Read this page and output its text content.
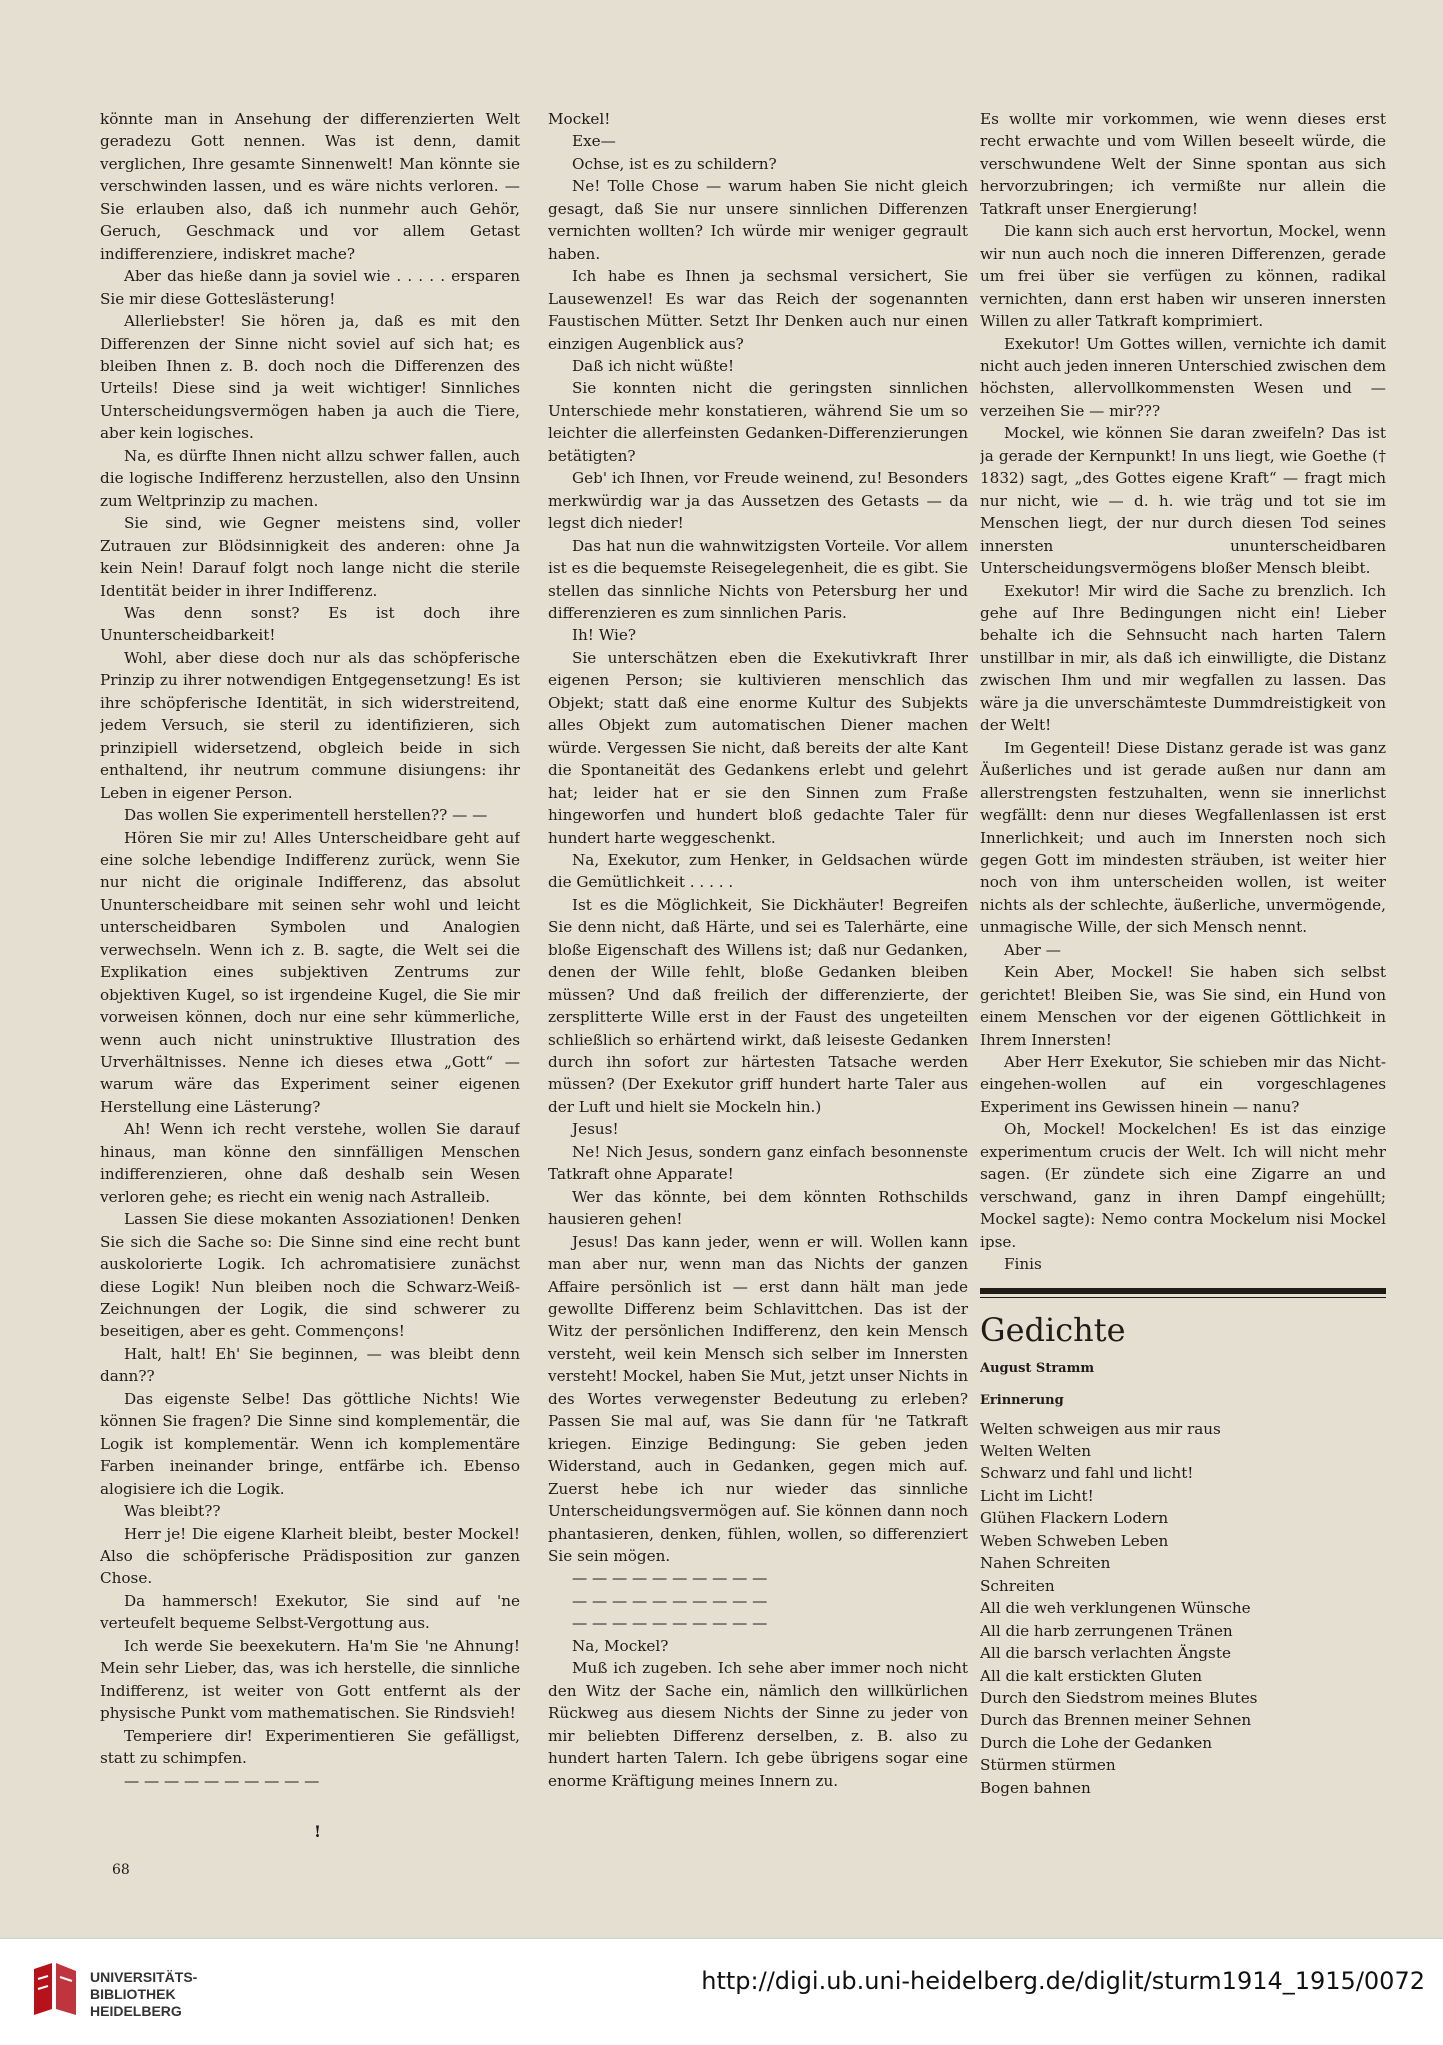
könnte man in Ansehung der differenzierten Welt geradezu Gott nennen. Was ist denn, damit verglichen, Ihre gesamte Sinnenwelt! Man könnte sie verschwinden lassen, und es wäre nichts verloren. — Sie erlauben also, daß ich nunmehr auch Gehör, Geruch, Geschmack und vor allem Getast indifferenziere, indiskret mache?

Aber das hieße dann ja soviel wie . . . . . ersparen Sie mir diese Gotteslästerung!

Allerliebster! Sie hören ja, daß es mit den Differenzen der Sinne nicht soviel auf sich hat; es bleiben Ihnen z. B. doch noch die Differenzen des Urteils! Diese sind ja weit wichtiger! Sinnliches Unterscheidungsvermögen haben ja auch die Tiere, aber kein logisches.

Na, es dürfte Ihnen nicht allzu schwer fallen, auch die logische Indifferenz herzustellen, also den Unsinn zum Weltprinzip zu machen.

Sie sind, wie Gegner meistens sind, voller Zutrauen zur Blödsinnigkeit des anderen: ohne Ja kein Nein! Darauf folgt noch lange nicht die sterile Identität beider in ihrer Indifferenz.

Was denn sonst? Es ist doch ihre Ununterscheidbarkeit!

Wohl, aber diese doch nur als das schöpferische Prinzip zu ihrer notwendigen Entgegensetzung! Es ist ihre schöpferische Identität, in sich widerstreitend, jedem Versuch, sie steril zu identifizieren, sich prinzipiell widersetzend, obgleich beide in sich enthaltend, ihr neutrum commune disiungens: ihr Leben in eigener Person.

Das wollen Sie experimentell herstellen?? — —

Hören Sie mir zu! Alles Unterscheidbare geht auf eine solche lebendige Indifferenz zurück, wenn Sie nur nicht die originale Indifferenz, das absolut Ununterscheidbare mit seinen sehr wohl und leicht unterscheidbaren Symbolen und Analogien verwechseln. Wenn ich z. B. sagte, die Welt sei die Explikation eines subjektiven Zentrums zur objektiven Kugel, so ist irgendeine Kugel, die Sie mir vorweisen können, doch nur eine sehr kümmerliche, wenn auch nicht uninstruktive Illustration des Urverhältnisses. Nenne ich dieses etwa „Gott“ — warum wäre das Experiment seiner eigenen Herstellung eine Lästerung?

Ah! Wenn ich recht verstehe, wollen Sie darauf hinaus, man könne den sinnfälligen Menschen indifferenzieren, ohne daß deshalb sein Wesen verloren gehe; es riecht ein wenig nach Astralleib.

Lassen Sie diese mokanten Assoziationen! Denken Sie sich die Sache so: Die Sinne sind eine recht bunt auskolorierte Logik. Ich achromatisiere zunächst diese Logik! Nun bleiben noch die Schwarz-Weiß-Zeichnungen der Logik, die sind schwerer zu beseitigen, aber es geht. Commençons!

Halt, halt! Eh' Sie beginnen, — was bleibt denn dann??

Das eigenste Selbe! Das göttliche Nichts! Wie können Sie fragen? Die Sinne sind komplementär, die Logik ist komplementär. Wenn ich komplementäre Farben ineinander bringe, entfärbe ich. Ebenso alogisiere ich die Logik.

Was bleibt??

Herr je! Die eigene Klarheit bleibt, bester Mockel! Also die schöpferische Prädisposition zur ganzen Chose.

Da hammersch! Exekutor, Sie sind auf 'ne verteufelt bequeme Selbst-Vergottung aus.

Ich werde Sie beexekutern. Ha'm Sie 'ne Ahnung! Mein sehr Lieber, das, was ich herstelle, die sinnliche Indifferenz, ist weiter von Gott entfernt als der physische Punkt vom mathematischen. Sie Rindsvieh!

Temperiere dir! Experimentieren Sie gefälligst, statt zu schimpfen.

— — — — — — — — — —

Mockel!

Exe—

Ochse, ist es zu schildern?

Ne! Tolle Chose — warum haben Sie nicht gleich gesagt, daß Sie nur unsere sinnlichen Differenzen vernichten wollten? Ich würde mir weniger gegrault haben.

Ich habe es Ihnen ja sechsmal versichert, Sie Lausewenzel! Es war das Reich der sogenannten Faustischen Mütter. Setzt Ihr Denken auch nur einen einzigen Augenblick aus?

Daß ich nicht wüßte!

Sie konnten nicht die geringsten sinnlichen Unterschiede mehr konstatieren, während Sie um so leichter die allerfeinsten Gedanken-Differenzierungen betätigten?

Geb' ich Ihnen, vor Freude weinend, zu! Besonders merkwürdig war ja das Aussetzen des Getasts — da legst dich nieder!

Das hat nun die wahnwitzigsten Vorteile. Vor allem ist es die bequemste Reisegelegenheit, die es gibt. Sie stellen das sinnliche Nichts von Petersburg her und differenzieren es zum sinnlichen Paris.

Ih! Wie?

Sie unterschätzen eben die Exekutivkraft Ihrer eigenen Person; sie kultivieren menschlich das Objekt; statt daß eine enorme Kultur des Subjekts alles Objekt zum automatischen Diener machen würde. Vergessen Sie nicht, daß bereits der alte Kant die Spontaneität des Gedankens erlebt und gelehrt hat; leider hat er sie den Sinnen zum Fraße hingeworfen und hundert bloß gedachte Taler für hundert harte weggeschenkt.

Na, Exekutor, zum Henker, in Geldsachen würde die Gemütlichkeit . . . . .

Ist es die Möglichkeit, Sie Dickhäuter! Begreifen Sie denn nicht, daß Härte, und sei es Talerhärte, eine bloße Eigenschaft des Willens ist; daß nur Gedanken, denen der Wille fehlt, bloße Gedanken bleiben müssen? Und daß freilich der differenzierte, der zersplitterte Wille erst in der Faust des ungeteilten schließlich so erhärtend wirkt, daß leiseste Gedanken durch ihn sofort zur härtesten Tatsache werden müssen? (Der Exekutor griff hundert harte Taler aus der Luft und hielt sie Mockeln hin.)

Jesus!

Ne! Nich Jesus, sondern ganz einfach besonnenste Tatkraft ohne Apparate!

Wer das könnte, bei dem könnten Rothschilds hausieren gehen!

Jesus! Das kann jeder, wenn er will. Wollen kann man aber nur, wenn man das Nichts der ganzen Affaire persönlich ist — erst dann hält man jede gewollte Differenz beim Schlavittchen. Das ist der Witz der persönlichen Indifferenz, den kein Mensch versteht, weil kein Mensch sich selber im Innersten versteht! Mockel, haben Sie Mut, jetzt unser Nichts in des Wortes verwegenster Bedeutung zu erleben? Passen Sie mal auf, was Sie dann für 'ne Tatkraft kriegen. Einzige Bedingung: Sie geben jeden Widerstand, auch in Gedanken, gegen mich auf. Zuerst hebe ich nur wieder das sinnliche Unterscheidungsvermögen auf. Sie können dann noch phantasieren, denken, fühlen, wollen, so differenziert Sie sein mögen.

— — — — — — — — — —

— — — — — — — — — —

— — — — — — — — — —

Na, Mockel?

Muß ich zugeben. Ich sehe aber immer noch nicht den Witz der Sache ein, nämlich den willkürlichen Rückweg aus diesem Nichts der Sinne zu jeder von mir beliebten Differenz derselben, z. B. also zu hundert harten Talern. Ich gebe übrigens sogar eine enorme Kräftigung meines Innern zu.

Es wollte mir vorkommen, wie wenn dieses erst recht erwachte und vom Willen beseelt würde, die verschwundene Welt der Sinne spontan aus sich hervorzubringen; ich vermißte nur allein die Tatkraft unser Energierung!

Die kann sich auch erst hervortun, Mockel, wenn wir nun auch noch die inneren Differenzen, gerade um frei über sie verfügen zu können, radikal vernichten, dann erst haben wir unseren innersten Willen zu aller Tatkraft komprimiert.

Exekutor! Um Gottes willen, vernichte ich damit nicht auch jeden inneren Unterschied zwischen dem höchsten, allervollkommensten Wesen und — verzeihen Sie — mir???

Mockel, wie können Sie daran zweifeln? Das ist ja gerade der Kernpunkt! In uns liegt, wie Goethe († 1832) sagt, „des Gottes eigene Kraft“ — fragt mich nur nicht, wie — d. h. wie träg und tot sie im Menschen liegt, der nur durch diesen Tod seines innersten ununterscheidbaren Unterscheidungsvermögens bloßer Mensch bleibt.

Exekutor! Mir wird die Sache zu brenzlich. Ich gehe auf Ihre Bedingungen nicht ein! Lieber behalte ich die Sehnsucht nach harten Talern unstillbar in mir, als daß ich einwilligte, die Distanz zwischen Ihm und mir wegfallen zu lassen. Das wäre ja die unverschämteste Dummdreistigkeit von der Welt!

Im Gegenteil! Diese Distanz gerade ist was ganz Äußerliches und ist gerade außen nur dann am allerstrengsten festzuhalten, wenn sie innerlichst wegfällt: denn nur dieses Wegfallenlassen ist erst Innerlichkeit; und auch im Innersten noch sich gegen Gott im mindesten sträuben, ist weiter hier noch von ihm unterscheiden wollen, ist weiter nichts als der schlechte, äußerliche, unvermögende, unmagische Wille, der sich Mensch nennt.

Aber —

Kein Aber, Mockel! Sie haben sich selbst gerichtet! Bleiben Sie, was Sie sind, ein Hund von einem Menschen vor der eigenen Göttlichkeit in Ihrem Innersten!

Aber Herr Exekutor, Sie schieben mir das Nicht-eingehen-wollen auf ein vorgeschlagenes Experiment ins Gewissen hinein — nanu?

Oh, Mockel! Mockelchen! Es ist das einzige experimentum crucis der Welt. Ich will nicht mehr sagen. (Er zündete sich eine Zigarre an und verschwand, ganz in ihren Dampf eingehüllt; Mockel sagte): Nemo contra Mockelum nisi Mockel ipse.

Finis

Gedichte
August Stramm
Erinnerung
Welten schweigen aus mir raus
Welten Welten
Schwarz und fahl und licht!
Licht im Licht!
Glühen Flackern Lodern
Weben Schweben Leben
Nahen Schreiten
Schreiten
All die weh verklungenen Wünsche
All die harb zerrungenen Tränen
All die barsch verlachten Ängste
All die kalt erstickten Gluten
Durch den Siedstrom meines Blutes
Durch das Brennen meiner Sehnen
Durch die Lohe der Gedanken
Stürmen stürmen
Bogen bahnen
!
68
UNIVERSITÄTS-
BIBLIOTHEK
HEIDELBERG
http://digi.ub.uni-heidelberg.de/diglit/sturm1914_1915/0072
